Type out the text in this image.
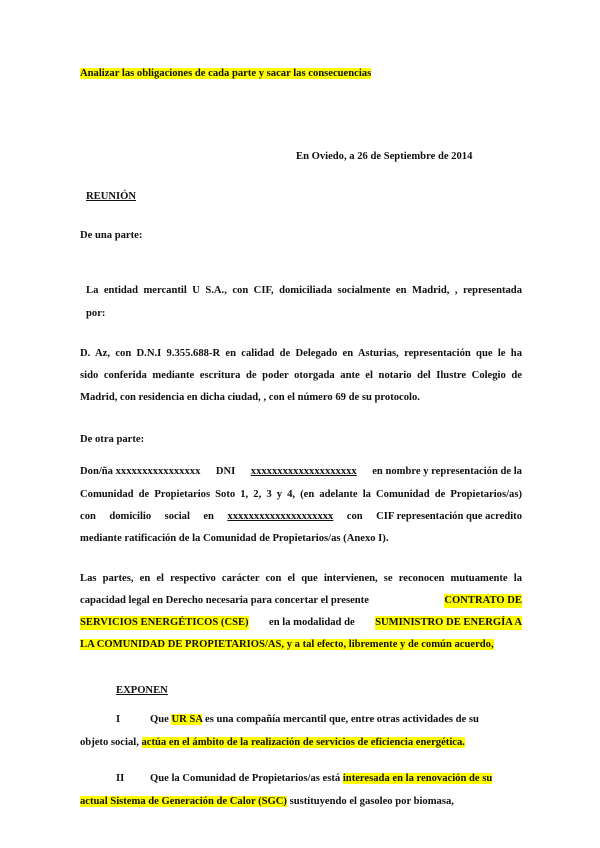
Analizar las obligaciones de cada parte y sacar las consecuencias
En Oviedo, a 26 de Septiembre de 2014
REUNIÓN
De una parte:
La entidad mercantil U S.A., con CIF, domiciliada socialmente en Madrid, , representada
por:
D. Az, con D.N.I 9.355.688-R en calidad de Delegado en Asturias, representación que le ha
sido conferida mediante escritura de poder otorgada ante el notario del Ilustre Colegio de
Madrid, con residencia en dicha ciudad, , con el número 69 de su protocolo.
De otra parte:
Don/ña xxxxxxxxxxxxxxxx DNI xxxxxxxxxxxxxxxxxxxx en nombre y representación de la
Comunidad de Propietarios Soto 1, 2, 3 y 4, (en adelante la Comunidad de Propietarios/as)
con domicilio social en xxxxxxxxxxxxxxxxxxxx con CIF representación que acredito
mediante ratificación de la Comunidad de Propietarios/as (Anexo I).
Las partes, en el respectivo carácter con el que intervienen, se reconocen mutuamente la
capacidad legal en Derecho necesaria para concertar el presente	CONTRATO DE
SERVICIOS ENERGÉTICOS (CSE) en la modalidad de SUMINISTRO DE ENERGÍA A
LA COMUNIDAD DE PROPIETARIOS/AS, y a tal efecto, libremente y de común acuerdo,
EXPONEN
I	Que UR SA es una compañía mercantil que, entre otras actividades de su
objeto social, actúa en el ámbito de la realización de servicios de eficiencia energética.
II Que la Comunidad de Propietarios/as está interesada en la renovación de su
actual Sistema de Generación de Calor (SGC) sustituyendo el gasoleo por biomasa,
